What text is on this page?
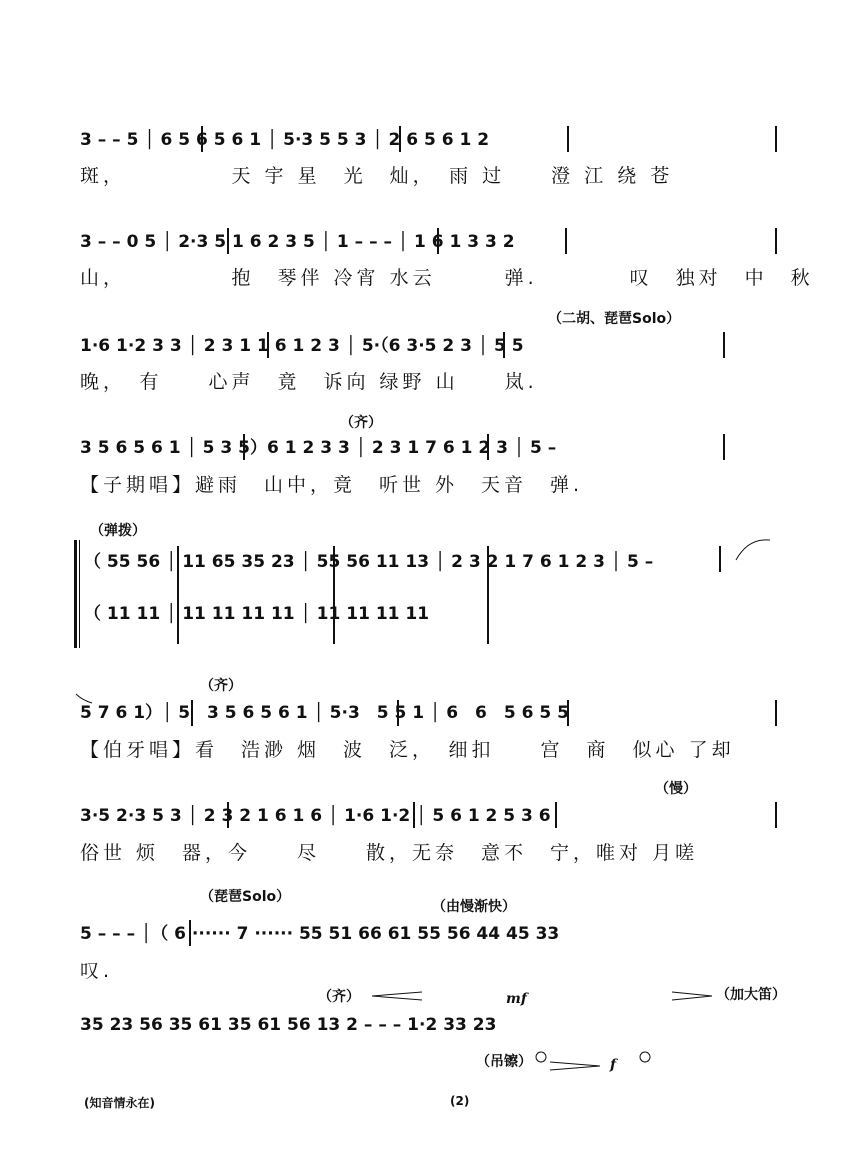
3 – – 5 │ 6 5 6 5 6 1 │ 5·3 5 5 3 │ 2 6 5 6 1 2
斑，　　　　　天 宇 星　光　灿，　雨 过　　澄 江 绕 苍
3 – – 0 5 │ 2·3 5 1 6 2 3 5 │ 1 – – – │ 1 6 1 3 3 2
山，　　　　　抱　琴伴 冷宵 水云　　　弹.　　　　叹　独对　中　秋
（二胡、琵琶Solo）
1·6 1·2 3 3 │ 2 3 1 1 6 1 2 3 │ 5·（6 3·5 2 3 │ 5 5
晚，　有　　心声　竟　诉向 绿野 山　　岚.
（齐）
3 5 6 5 6 1 │ 5 3 5）6 1 2 3 3 │ 2 3 1 7 6 1 2 3 │ 5 –
【子期唱】避雨　山中，竟　听世 外　天音　弹.
（弹拨）
（ 55 56 │ 11 65 35 23 │ 55 56 11 13 │ 2 3 2 1 7 6 1 2 3 │ 5 –
（ 11 11 │ 11 11 11 11 │ 11 11 11 11
（齐）
5 7 6 1）│ 5　3 5 6 5 6 1 │ 5·3　5 5 1 │ 6　6　5 6 5 5
【伯牙唱】看　浩渺 烟　波　泛，　细扣　　宫　商　似心 了却
（慢）
3·5 2·3 5 3 │ 2 3 2 1 6 1 6 │ 1·6 1·2 │ 5 6 1 2 5 3 6
俗世 烦　器，今　　尽　　散，无奈　意不　宁，唯对 月嗟
（琵琶Solo）
（由慢渐快）
5 – – – │（ 6 ······ 7 ······ 55 51 66 61 55 56 44 45 33
叹.
（齐）	mf	（加大笛）
35 23 56 35 61 35 61 56 13 2 – – – 1·2 33 23
（吊镲）	f
(知音情永在)	(2)
